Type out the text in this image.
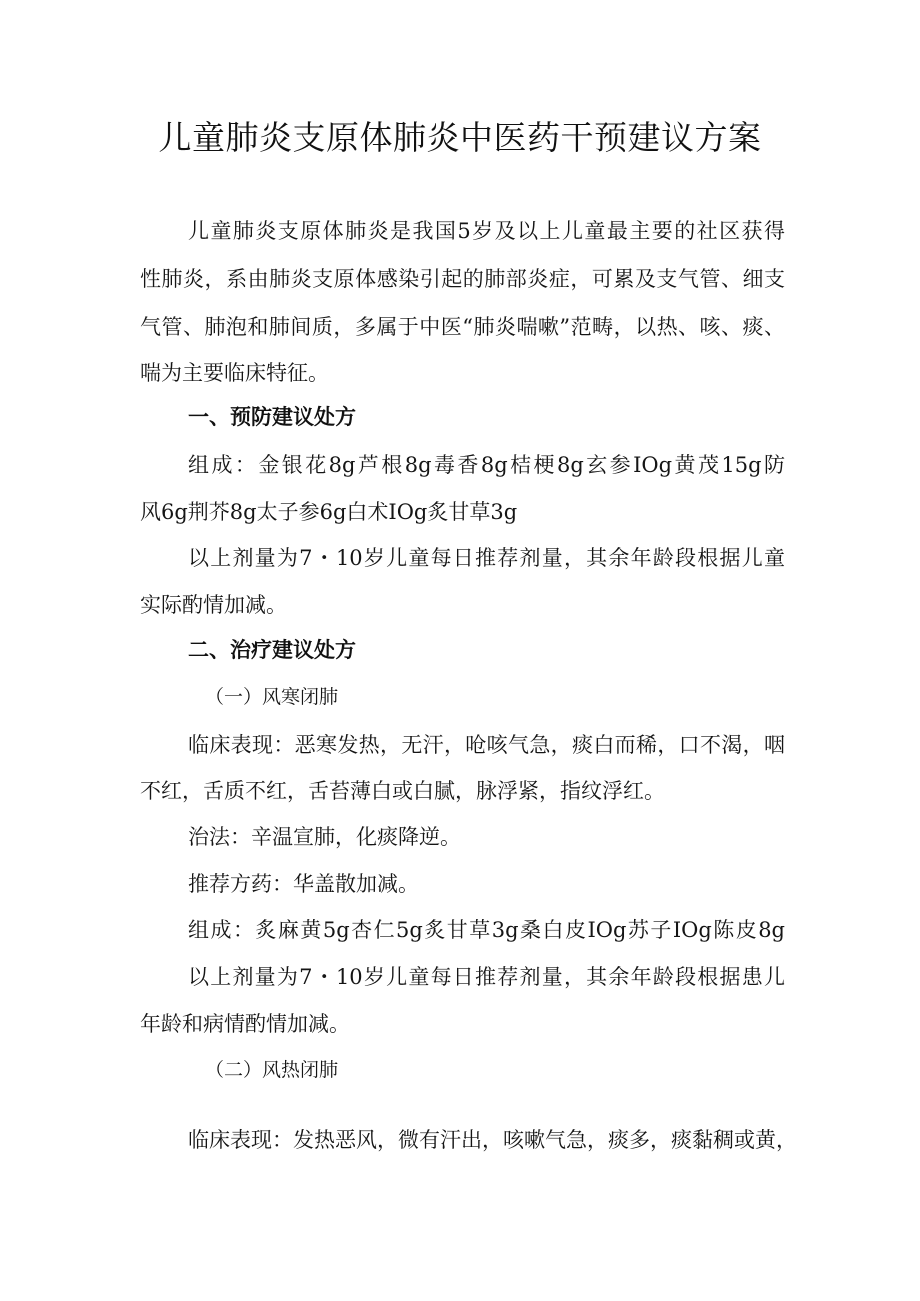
儿童肺炎支原体肺炎中医药干预建议方案
儿童肺炎支原体肺炎是我国5岁及以上儿童最主要的社区获得
性肺炎，系由肺炎支原体感染引起的肺部炎症，可累及支气管、细支
气管、肺泡和肺间质，多属于中医“肺炎喘嗽”范畴，以热、咳、痰、
喘为主要临床特征。
一、预防建议处方
组成：金银花8g芦根8g毒香8g桔梗8g玄参IOg黄茂15g防
风6g荆芥8g太子参6g白术IOg炙甘草3g
以上剂量为7・10岁儿童每日推荐剂量，其余年龄段根据儿童
实际酌情加减。
二、治疗建议处方
（一）风寒闭肺
临床表现：恶寒发热，无汗，呛咳气急，痰白而稀，口不渴，咽
不红，舌质不红，舌苔薄白或白腻，脉浮紧，指纹浮红。
治法：辛温宣肺，化痰降逆。
推荐方药：华盖散加减。
组成：炙麻黄5g杏仁5g炙甘草3g桑白皮IOg苏子IOg陈皮8g
以上剂量为7・10岁儿童每日推荐剂量，其余年龄段根据患儿
年龄和病情酌情加减。
（二）风热闭肺
临床表现：发热恶风，微有汗出，咳嗽气急，痰多，痰黏稠或黄，
